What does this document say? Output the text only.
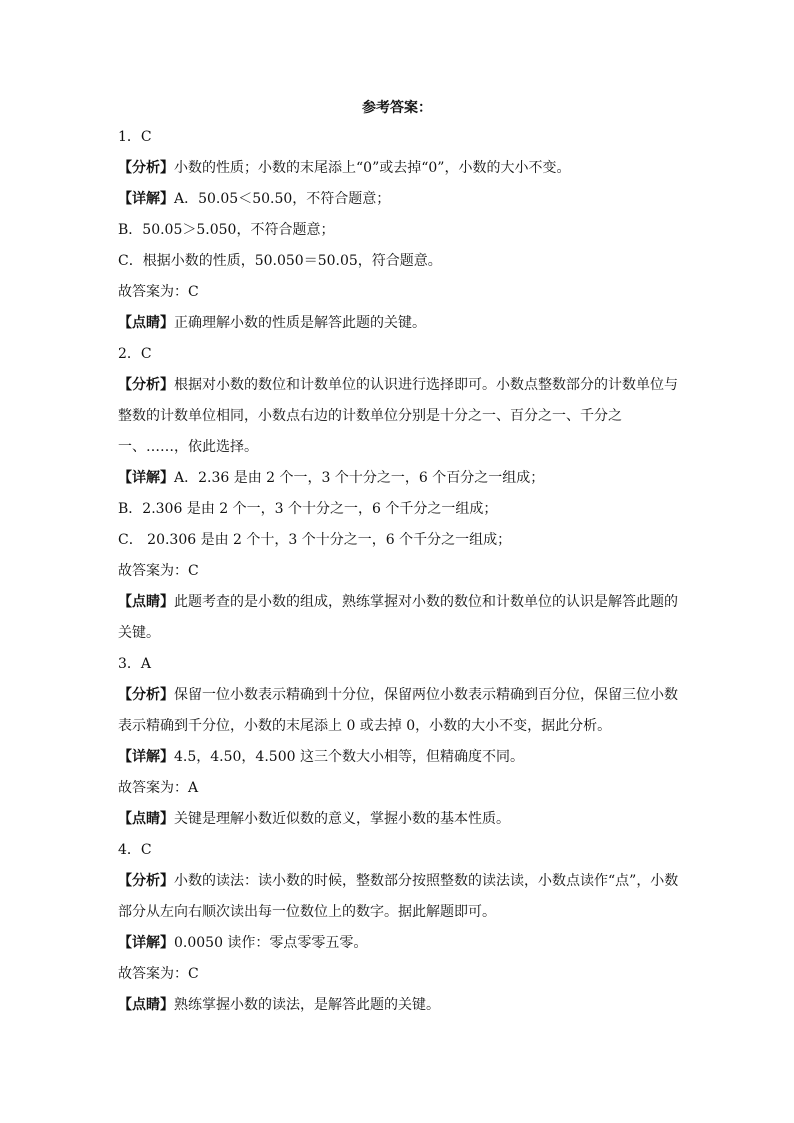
参考答案：
1．C
【分析】小数的性质；小数的末尾添上“0”或去掉“0”，小数的大小不变。
【详解】A．50.05＜50.50，不符合题意；
B．50.05＞5.050，不符合题意；
C．根据小数的性质，50.050＝50.05，符合题意。
故答案为：C
【点睛】正确理解小数的性质是解答此题的关键。
2．C
【分析】根据对小数的数位和计数单位的认识进行选择即可。小数点整数部分的计数单位与
整数的计数单位相同，小数点右边的计数单位分别是十分之一、百分之一、千分之
一、……，依此选择。
【详解】A．2.36 是由 2 个一，3 个十分之一，6 个百分之一组成；
B．2.306 是由 2 个一，3 个十分之一，6 个千分之一组成；
C． 20.306 是由 2 个十，3 个十分之一，6 个千分之一组成；
故答案为：C
【点睛】此题考查的是小数的组成，熟练掌握对小数的数位和计数单位的认识是解答此题的
关键。
3．A
【分析】保留一位小数表示精确到十分位，保留两位小数表示精确到百分位，保留三位小数
表示精确到千分位，小数的末尾添上 0 或去掉 0，小数的大小不变，据此分析。
【详解】4.5，4.50，4.500 这三个数大小相等，但精确度不同。
故答案为：A
【点睛】关键是理解小数近似数的意义，掌握小数的基本性质。
4．C
【分析】小数的读法：读小数的时候，整数部分按照整数的读法读，小数点读作“点”，小数
部分从左向右顺次读出每一位数位上的数字。据此解题即可。
【详解】0.0050 读作：零点零零五零。
故答案为：C
【点睛】熟练掌握小数的读法，是解答此题的关键。
